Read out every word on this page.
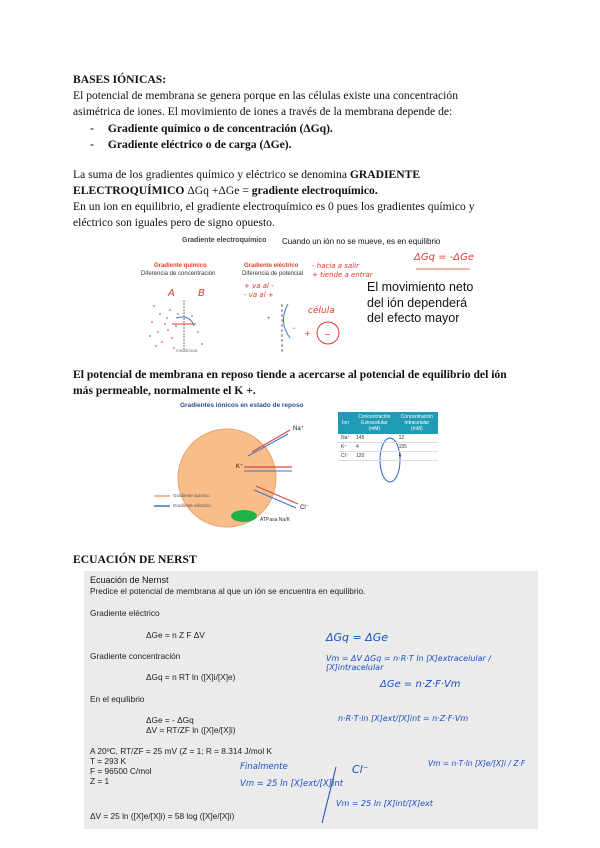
BASES IÓNICAS:
El potencial de membrana se genera porque en las células existe una concentración
asimétrica de iones. El movimiento de iones a través de la membrana depende de:
- Gradiente químico o de concentración (ΔGq).
- Gradiente eléctrico o de carga (ΔGe).
La suma de los gradientes químico y eléctrico se denomina GRADIENTE
ELECTROQUÍMICO ΔGq +ΔGe = gradiente electroquímico.
En un ion en equilibrio, el gradiente electroquímico es 0 pues los gradientes químico y
eléctrico son iguales pero de signo opuesto.
Gradiente electroquímico Cuando un ión no se mueve, es en equilibrio
ΔGq = -ΔGe
Gradiente químico
Diferencia de concentración
Gradiente eléctrico
Diferencia de potencial
- hacia a salir
+ tiende a entrar
+ va al -
- va al +
A B
célula
+
− + −
membrana
El movimiento neto
del ión dependerá
del efecto mayor
El potencial de membrana en reposo tiende a acercarse al potencial de equilibrio del ión
más permeable, normalmente el K +.
Gradientes iónicos en estado de reposo
Na⁺
K⁺
Cl⁻
ATPasa Na/K
Gradiente químico
Gradiente eléctrico
Ion	Concentración Extracelular (mM)	Concentración Intracelular (mM)
Na⁺	145	12
K⁺	4	155
Cl⁻	120	4
ECUACIÓN DE NERST
Ecuación de Nernst
Predice el potencial de membrana al que un ión se encuentra en equilibrio.
Gradiente eléctrico
ΔGe = n Z F ΔV
Gradiente concentración
ΔGq = n RT ln ([X]i/[X]e)
En el equilibrio
ΔGe = - ΔGq
ΔV = RT/ZF ln ([X]e/[X]i)
A 20ºC, RT/ZF = 25 mV (Z = 1; R = 8.314 J/mol K
T = 293 K
F = 96500 C/mol
Z = 1
ΔV = 25 ln ([X]e/[X]i) = 58 log ([X]e/[X]i)
ΔGq = ΔGe
Vm = ΔV ΔGq = n·R·T ln [X]extracelular / [X]intracelular
ΔGe = n·Z·F·Vm
n·R·T·ln [X]ext/[X]int = n·Z·F·Vm
Finalmente
Vm = 25 ln [X]ext/[X]int
Cl⁻
Vm = 25 ln [X]int/[X]ext
Vm = n·T·ln [X]e/[X]i / Z·F
